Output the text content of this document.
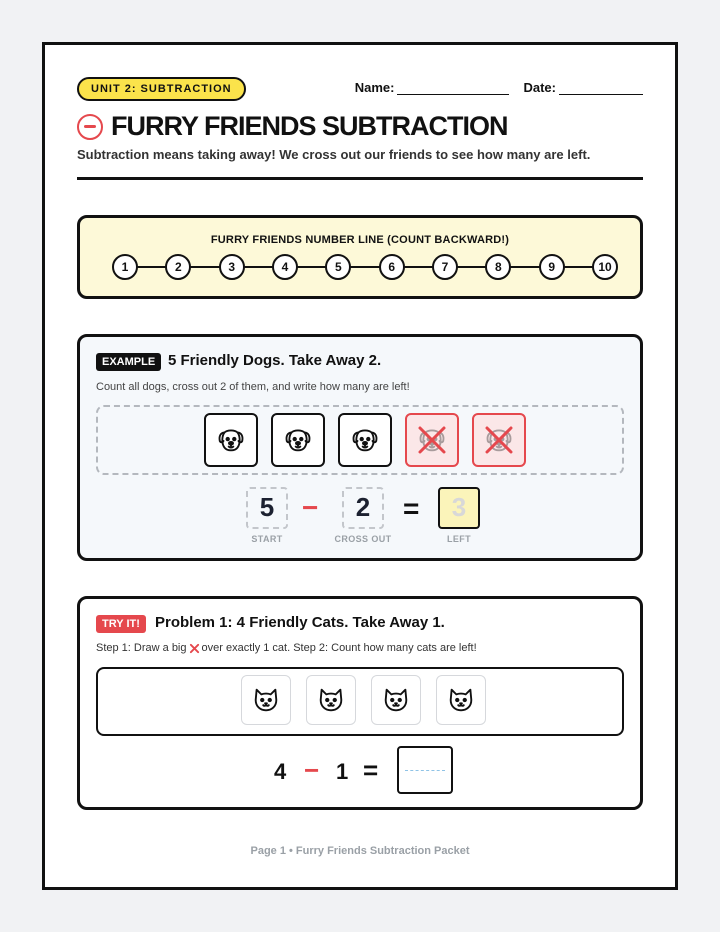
UNIT 2: SUBTRACTION	Name:	Date:
FURRY FRIENDS SUBTRACTION
Subtraction means taking away! We cross out our friends to see how many are left.
FURRY FRIENDS NUMBER LINE (COUNT BACKWARD!)
1	2	3	4	5	6	7	8	9	10
EXAMPLE 5 Friendly Dogs. Take Away 2.
Count all dogs, cross out 2 of them, and write how many are left!
5
START
−	2
CROSS OUT
=	3
LEFT
TRY IT!	Problem 1: 4 Friendly Cats. Take Away 1.
Step 1: Draw a big over exactly 1 cat. Step 2: Count how many cats are left!
4 − 1 =
Page 1 • Furry Friends Subtraction Packet
